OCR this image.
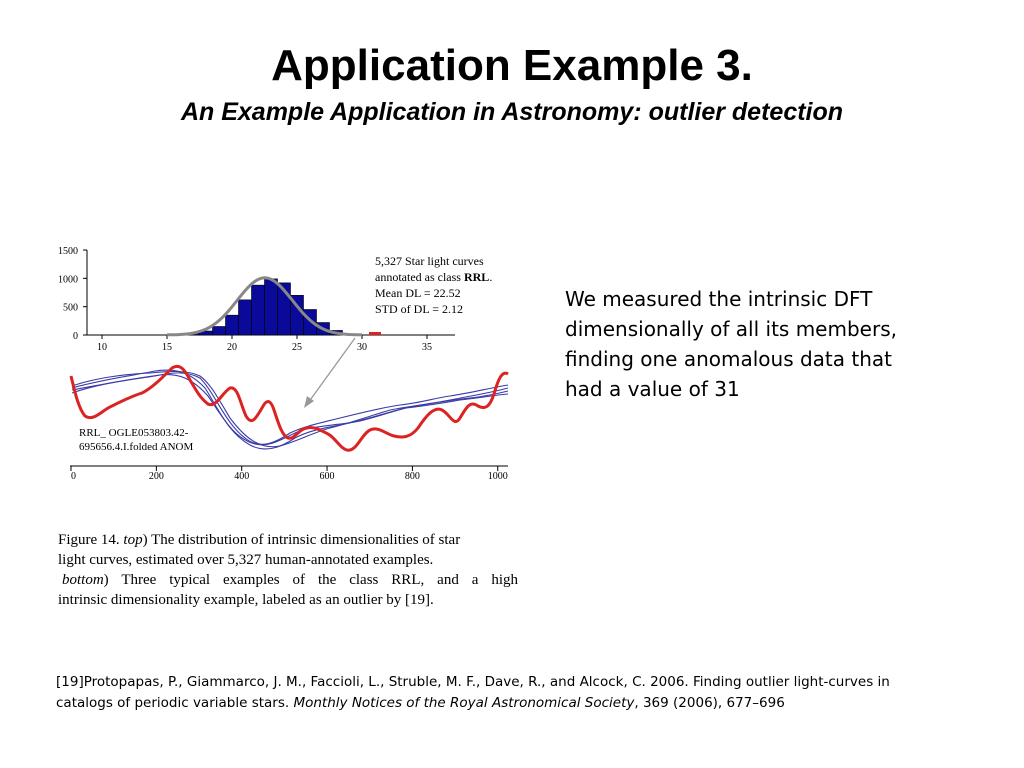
Application Example 3.
An Example Application in Astronomy: outlier detection
0
500
1000
1500
10	15	20	25	30	35
5,327 Star light curves
annotated as class RRL.
Mean DL = 22.52
STD of DL = 2.12
0	200	400	600	800	1000
RRL_ OGLE053803.42-
695656.4.I.folded ANOM
We measured the intrinsic DFT dimensionally of all its members, finding one anomalous data that had a value of 31
Figure 14. top) The distribution of intrinsic dimensionalities of star
light curves, estimated over 5,327 human-annotated examples.
bottom) Three typical examples of the class RRL, and a high
intrinsic dimensionality example, labeled as an outlier by [19].
[19]Protopapas, P., Giammarco, J. M., Faccioli, L., Struble, M. F., Dave, R., and Alcock, C. 2006. Finding outlier light-curves in catalogs of periodic variable stars. Monthly Notices of the Royal Astronomical Society, 369 (2006), 677–696
